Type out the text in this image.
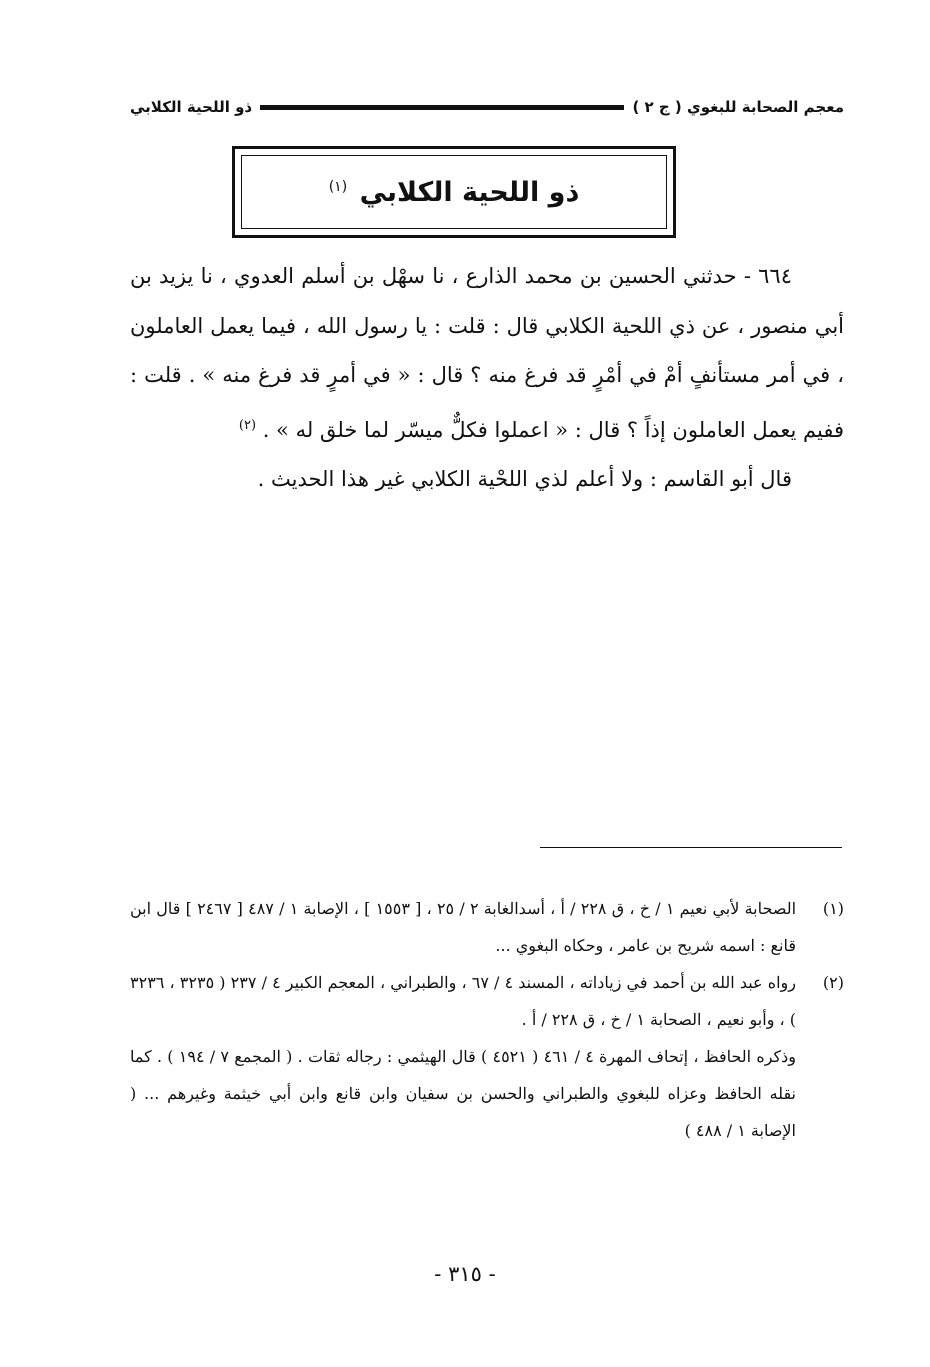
معجم الصحابة للبغوي ( ج ٢ )
ذو اللحية الكلابي
ذو اللحية الكلابي $^{(١)}$

٦٦٤ - حدثني الحسين بن محمد الذارع ، نا سهْل بن أسلم العدوي ، نا يزيد بن أبي منصور ، عن ذي اللحية الكلابي قال : قلت : يا رسول الله ، فيما يعمل العاملون ، في أمر مستأنفٍ أمْ في أمْرٍ قد فرغ منه ؟ قال : « في أمرٍ قد فرغ منه » . قلت : ففيم يعمل العاملون إذاً ؟ قال : « اعملوا فكلٌّ ميسّر لما خلق له » . $^{(٢)}$

قال أبو القاسم : ولا أعلم لذي اللحْية الكلابي غير هذا الحديث .

(١)

الصحابة لأبي نعيم ١ / خ ، ق ٢٢٨ / أ ، أسدالغابة ٢ / ٢٥ ، [ ١٥٥٣ ] ، الإصابة ١ / ٤٨٧ [ ٢٤٦٧ ] قال ابن قانع : اسمه شريح بن عامر ، وحكاه البغوي ...

(٢)

رواه عبد الله بن أحمد في زياداته ، المسند ٤ / ٦٧ ، والطبراني ، المعجم الكبير ٤ / ٢٣٧ ( ٣٢٣٥ ، ٣٢٣٦ ) ، وأبو نعيم ، الصحابة ١ / خ ، ق ٢٢٨ / أ .

وذكره الحافظ ، إتحاف المهرة ٤ / ٤٦١ ( ٤٥٢١ ) قال الهيثمي : رجاله ثقات . ( المجمع ٧ / ١٩٤ ) . كما نقله الحافظ وعزاه للبغوي والطبراني والحسن بن سفيان وابن قانع وابن أبي خيثمة وغيرهم ... ( الإصابة ١ / ٤٨٨ )

- ٣١٥ -
